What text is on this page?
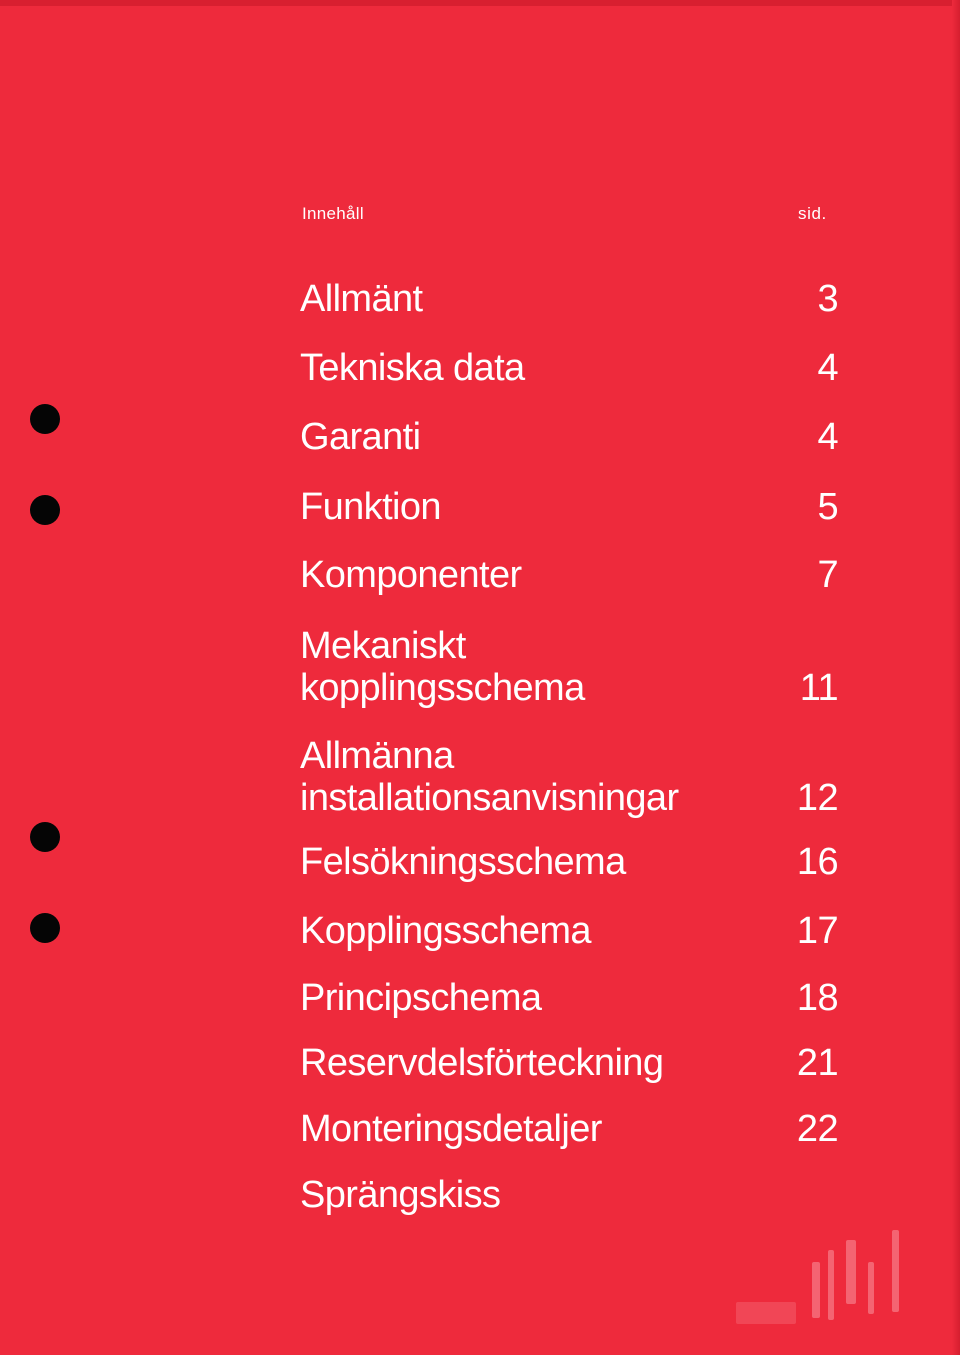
Innehåll	sid.
Allmänt	3
Tekniska data	4
Garanti	4
Funktion	5
Komponenter	7
Mekaniskt
kopplingsschema	11
Allmänna
installationsanvisningar	12
Felsökningsschema	16
Kopplingsschema	17
Principschema	18
Reservdelsförteckning	21
Monteringsdetaljer	22
Sprängskiss
